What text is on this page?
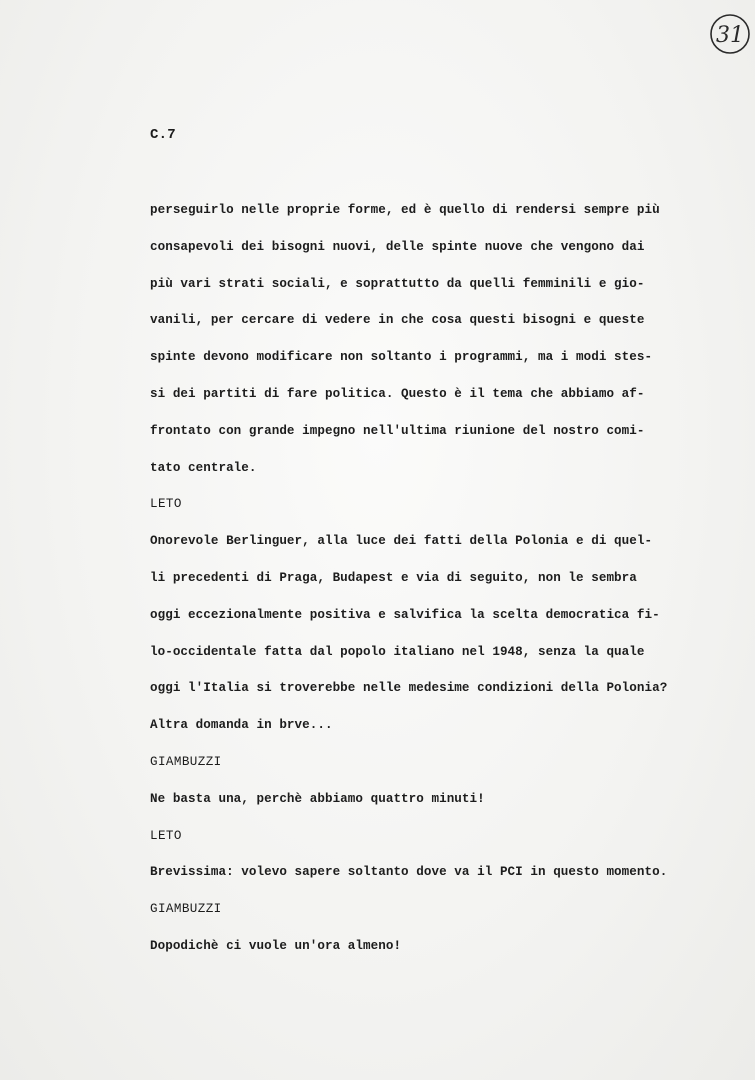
31
C.7
perseguirlo nelle proprie forme, ed è quello di rendersi sempre più
consapevoli dei bisogni nuovi, delle spinte nuove che vengono dai
più vari strati sociali, e soprattutto da quelli femminili e gio-
vanili, per cercare di vedere in che cosa questi bisogni e queste
spinte devono modificare non soltanto i programmi, ma i modi stes-
si dei partiti di fare politica. Questo è il tema che abbiamo af-
frontato con grande impegno nell'ultima riunione del nostro comi-
tato centrale.
LETO
Onorevole Berlinguer, alla luce dei fatti della Polonia e di quel-
li precedenti di Praga, Budapest e via di seguito, non le sembra
oggi eccezionalmente positiva e salvifica la scelta democratica fi-
lo-occidentale fatta dal popolo italiano nel 1948, senza la quale
oggi l'Italia si troverebbe nelle medesime condizioni della Polonia?
Altra domanda in brve...
GIAMBUZZI
Ne basta una, perchè abbiamo quattro minuti!
LETO
Brevissima: volevo sapere soltanto dove va il PCI in questo momento.
GIAMBUZZI
Dopodichè ci vuole un'ora almeno!
